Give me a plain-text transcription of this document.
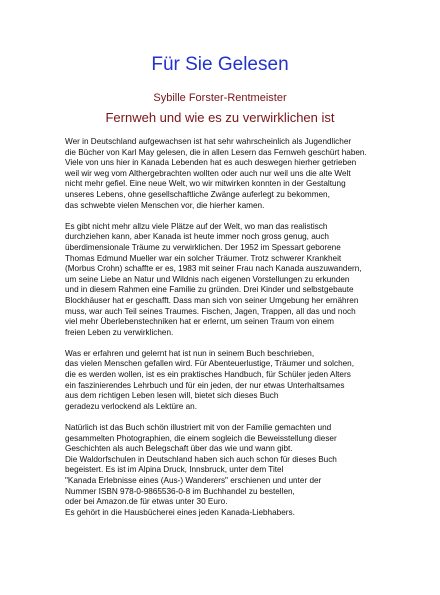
Für Sie Gelesen
Sybille Forster-Rentmeister
Fernweh und wie es zu verwirklichen ist
Wer in Deutschland aufgewachsen ist hat sehr wahrscheinlich als Jugendlicher
die Bücher von Karl May gelesen, die in allen Lesern das Fernweh geschürt haben.
Viele von uns hier in Kanada Lebenden hat es auch deswegen hierher getrieben
weil wir weg vom Althergebrachten wollten oder auch nur weil uns die alte Welt
nicht mehr gefiel. Eine neue Welt, wo wir mitwirken konnten in der Gestaltung
unseres Lebens, ohne gesellschaftliche Zwänge auferlegt zu bekommen,
das schwebte vielen Menschen vor, die hierher kamen.
Es gibt nicht mehr allzu viele Plätze auf der Welt, wo man das realistisch
durchziehen kann, aber Kanada ist heute immer noch gross genug, auch
überdimensionale Träume zu verwirklichen. Der 1952 im Spessart geborene
Thomas Edmund Mueller war ein solcher Träumer. Trotz schwerer Krankheit
(Morbus Crohn) schaffte er es, 1983 mit seiner Frau nach Kanada auszuwandern,
um seine Liebe an Natur und Wildnis nach eigenen Vorstellungen zu erkunden
und in diesem Rahmen eine Familie zu gründen. Drei Kinder und selbstgebaute
Blockhäuser hat er geschafft. Dass man sich von seiner Umgebung her ernähren
muss, war auch Teil seines Traumes. Fischen, Jagen, Trappen, all das und noch
viel mehr Überlebenstechniken hat er erlernt, um seinen Traum von einem
freien Leben zu verwirklichen.
Was er erfahren und gelernt hat ist nun in seinem Buch beschrieben,
das vielen Menschen gefallen wird. Für Abenteuerlustige, Träumer und solchen,
die es werden wollen, ist es ein praktisches Handbuch, für Schüler jeden Alters
ein faszinierendes Lehrbuch und für ein jeden, der nur etwas Unterhaltsames
aus dem richtigen Leben lesen will, bietet sich dieses Buch
geradezu verlockend als Lektüre an.
Natürlich ist das Buch schön illustriert mit von der Familie gemachten und
gesammelten Photographien, die einem sogleich die Beweisstellung dieser
Geschichten als auch Belegschaft über das wie und wann gibt.
Die Waldorfschulen in Deutschland haben sich auch schon für dieses Buch
begeistert. Es ist im Alpina Druck, Innsbruck, unter dem Titel
"Kanada Erlebnisse eines (Aus-) Wanderers" erschienen und unter der
Nummer ISBN 978-0-9865536-0-8 im Buchhandel zu bestellen,
oder bei Amazon.de für etwas unter 30 Euro.
Es gehört in die Hausbücherei eines jeden Kanada-Liebhabers.
